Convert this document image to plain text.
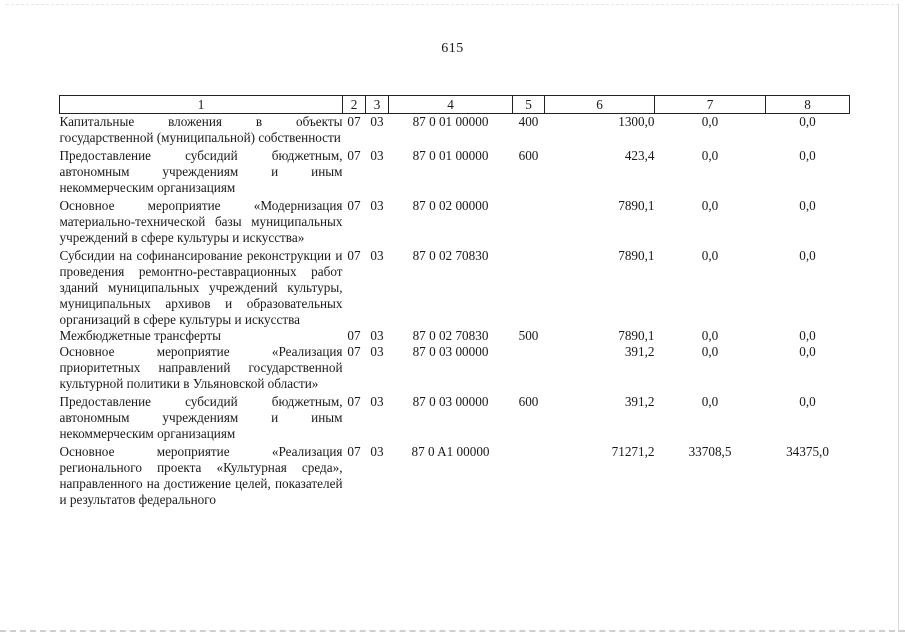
615
1	2	3	4	5	6	7	8
Капитальные вложения в объекты государственной (муниципальной) собственности	07	03	87 0 01 00000	400	1300,0	0,0	0,0
Предоставление субсидий бюджетным, автономным учреждениям и иным некоммерческим организациям	07	03	87 0 01 00000	600	423,4	0,0	0,0
Основное мероприятие «Модернизация материально-технической базы муниципальных учреждений в сфере культуры и искусства»	07	03	87 0 02 00000		7890,1	0,0	0,0
Субсидии на софинансирование реконструкции и проведения ремонтно-реставрационных работ зданий муниципальных учреждений культуры, муниципальных архивов и образовательных организаций в сфере культуры и искусства	07	03	87 0 02 70830		7890,1	0,0	0,0
Межбюджетные трансферты	07	03	87 0 02 70830	500	7890,1	0,0	0,0
Основное мероприятие «Реализация приоритетных направлений государственной культурной политики в Ульяновской области»	07	03	87 0 03 00000		391,2	0,0	0,0
Предоставление субсидий бюджетным, автономным учреждениям и иным некоммерческим организациям	07	03	87 0 03 00000	600	391,2	0,0	0,0
Основное мероприятие «Реализация регионального проекта «Культурная среда», направленного на достижение целей, показателей и результатов федерального	07	03	87 0 A1 00000		71271,2	33708,5	34375,0
